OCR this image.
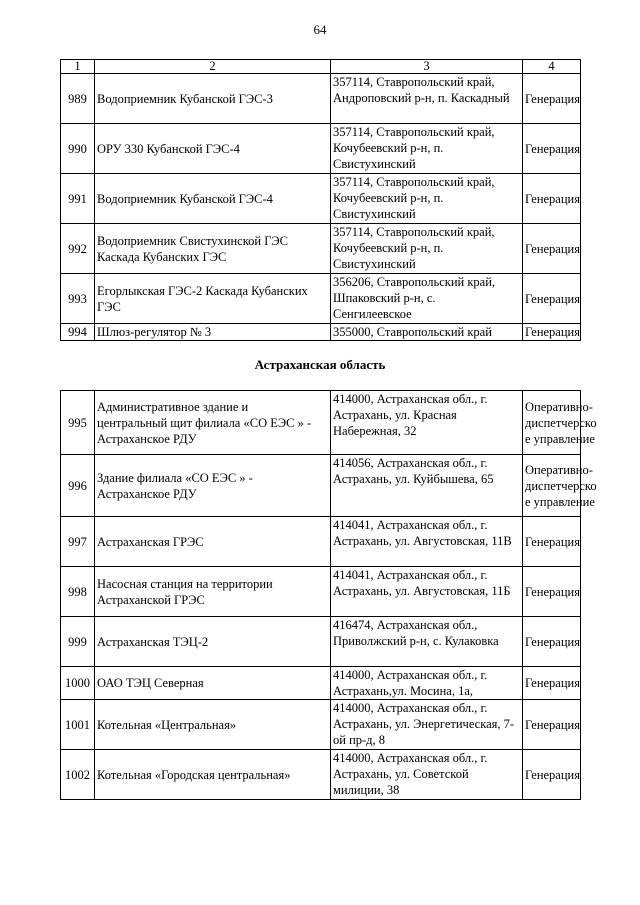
64
1	2	3	4
989	Водоприемник Кубанской ГЭС-3	357114, Ставропольский край,
Андроповский р-н, п. Каскадный	Генерация

990	ОРУ 330 Кубанской ГЭС-4	357114, Ставропольский край,
Кочубеевский р-н, п.
Свистухинский	Генерация

991	Водоприемник Кубанской ГЭС-4	357114, Ставропольский край,
Кочубеевский р-н, п.
Свистухинский	Генерация

992	Водоприемник Свистухинской ГЭС
Каскада Кубанских ГЭС	357114, Ставропольский край,
Кочубеевский р-н, п.
Свистухинский	Генерация

993	Егорлыкская ГЭС-2 Каскада Кубанских
ГЭС	356206, Ставропольский край,
Шпаковский р-н, с.
Сенгилеевское	Генерация

994	Шлюз-регулятор № 3	355000, Ставропольский край	Генерация
Астраханская область
995	Административное здание и
центральный щит филиала «СО ЕЭС » -
Астраханское РДУ	414000, Астраханская обл., г.
Астрахань, ул. Красная
Набережная, 32	Оперативно-
диспетчерско
е управление

996	Здание филиала «СО ЕЭС » -
Астраханское РДУ	414056, Астраханская обл., г.
Астрахань, ул. Куйбышева, 65	Оперативно-
диспетчерско
е управление

997	Астраханская ГРЭС	414041, Астраханская обл., г.
Астрахань, ул. Августовская, 11В	Генерация

998	Насосная станция на территории
Астраханской ГРЭС	414041, Астраханская обл., г.
Астрахань, ул. Августовская, 11Б	Генерация

999	Астраханская ТЭЦ-2	416474, Астраханская обл.,
Приволжский р-н, с. Кулаковка	Генерация

1000	ОАО ТЭЦ Северная	414000, Астраханская обл., г.
Астрахань,ул. Мосина, 1а,	Генерация

1001	Котельная «Центральная»	414000, Астраханская обл., г.
Астрахань, ул. Энергетическая, 7-
ой пр-д, 8	Генерация

1002	Котельная «Городская центральная»	414000, Астраханская обл., г.
Астрахань, ул. Советской
милиции, 38	Генерация
